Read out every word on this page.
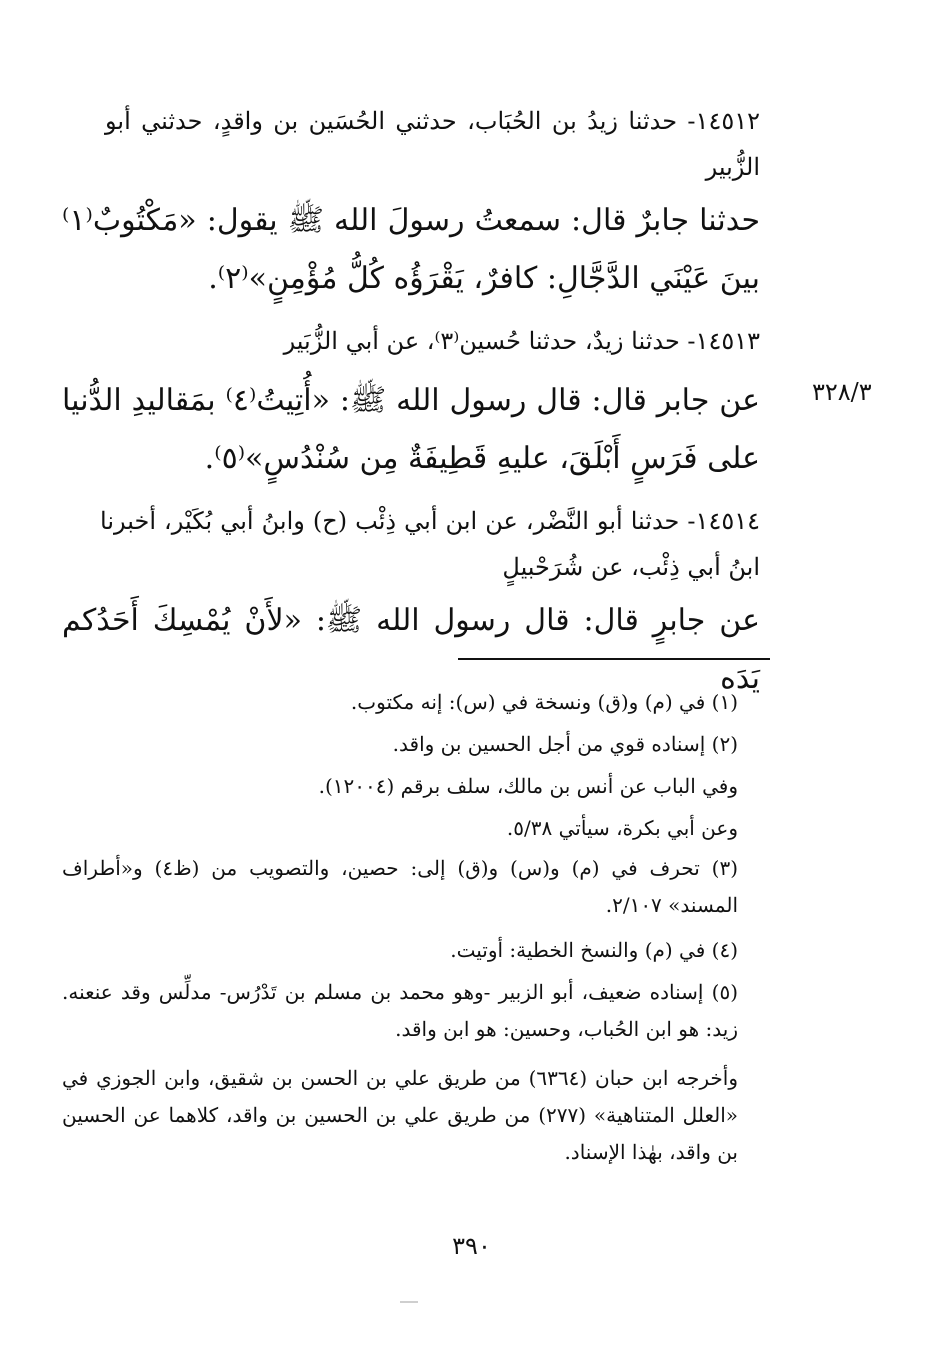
٣٢٨/٣
١٤٥١٢- حدثنا زيدُ بن الحُبَاب، حدثني الحُسَين بن واقدٍ، حدثني أبو الزُّبير
حدثنا جابرٌ قال: سمعتُ رسولَ الله ﷺ يقول: «مَكْتُوبٌ⁽١⁾ بينَ عَيْنَي الدَّجَّالِ: كافرٌ، يَقْرَؤُه كُلُّ مُؤْمِنٍ»⁽٢⁾.
١٤٥١٣- حدثنا زيدٌ، حدثنا حُسين⁽٣⁾، عن أبي الزُّبَير
عن جابر قال: قال رسول الله ﷺ: «أُتِيتُ⁽٤⁾ بمَقاليدِ الدُّنيا على فَرَسٍ أَبْلَقَ، عليهِ قَطِيفَةٌ مِن سُنْدُسٍ»⁽٥⁾.
١٤٥١٤- حدثنا أبو النَّضْر، عن ابن أبي ذِئْب (ح) وابنُ أبي بُكَيْر، أخبرنا ابنُ أبي ذِئْب، عن شُرَحْبيلٍ
عن جابرٍ قال: قال رسول الله ﷺ: «لأَنْ يُمْسِكَ أَحَدُكم يَدَه
(١) في (م) و(ق) ونسخة في (س): إنه مكتوب.
(٢) إسناده قوي من أجل الحسين بن واقد.
وفي الباب عن أنس بن مالك، سلف برقم (١٢٠٠٤).
وعن أبي بكرة، سيأتي ٥/٣٨.
(٣) تحرف في (م) و(س) و(ق) إلى: حصين، والتصويب من (ظ٤) و«أطراف المسند» ٢/١٠٧.
(٤) في (م) والنسخ الخطية: أوتيت.
(٥) إسناده ضعيف، أبو الزبير -وهو محمد بن مسلم بن تَدْرُس- مدلِّس وقد عنعنه. زيد: هو ابن الحُباب، وحسين: هو ابن واقد.
وأخرجه ابن حبان (٦٣٦٤) من طريق علي بن الحسن بن شقيق، وابن الجوزي في «العلل المتناهية» (٢٧٧) من طريق علي بن الحسين بن واقد، كلاهما عن الحسين بن واقد، بهٰذا الإسناد.
٣٩٠
